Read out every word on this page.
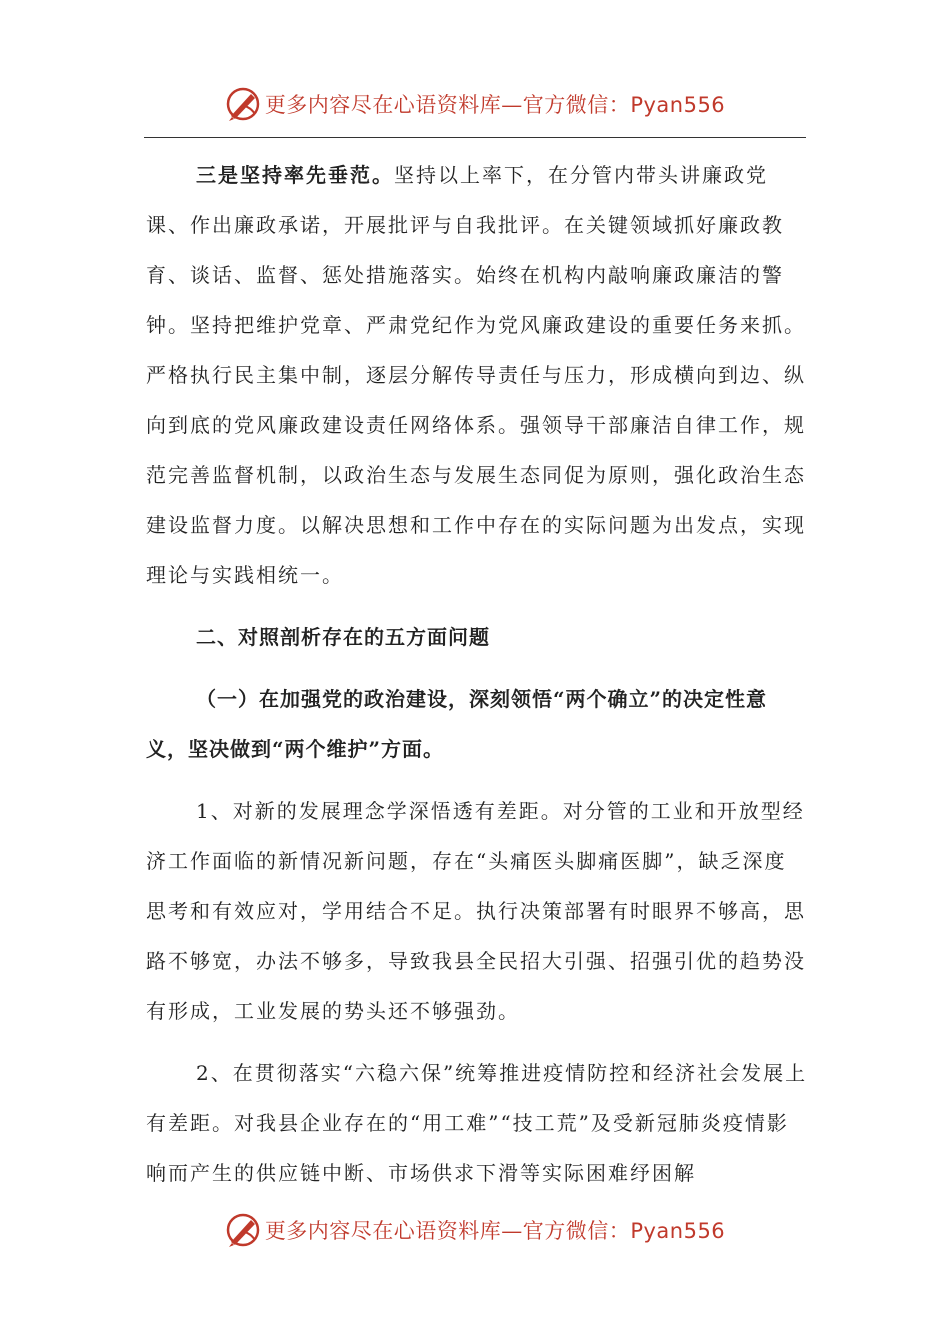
更多内容尽在心语资料库—官方微信：Pyan556

三是坚持率先垂范。坚持以上率下，在分管内带头讲廉政党课、作出廉政承诺，开展批评与自我批评。在关键领域抓好廉政教育、谈话、监督、惩处措施落实。始终在机构内敲响廉政廉洁的警钟。坚持把维护党章、严肃党纪作为党风廉政建设的重要任务来抓。严格执行民主集中制，逐层分解传导责任与压力，形成横向到边、纵向到底的党风廉政建设责任网络体系。强领导干部廉洁自律工作，规范完善监督机制，以政治生态与发展生态同促为原则，强化政治生态建设监督力度。以解决思想和工作中存在的实际问题为出发点，实现理论与实践相统一。

二、对照剖析存在的五方面问题

（一）在加强党的政治建设，深刻领悟“两个确立”的决定性意义，坚决做到“两个维护”方面。

1、对新的发展理念学深悟透有差距。对分管的工业和开放型经济工作面临的新情况新问题，存在“头痛医头脚痛医脚”，缺乏深度思考和有效应对，学用结合不足。执行决策部署有时眼界不够高，思路不够宽，办法不够多，导致我县全民招大引强、招强引优的趋势没有形成，工业发展的势头还不够强劲。

2、在贯彻落实“六稳六保”统筹推进疫情防控和经济社会发展上有差距。对我县企业存在的“用工难”“技工荒”及受新冠肺炎疫情影响而产生的供应链中断、市场供求下滑等实际困难纾困解

更多内容尽在心语资料库—官方微信：Pyan556
